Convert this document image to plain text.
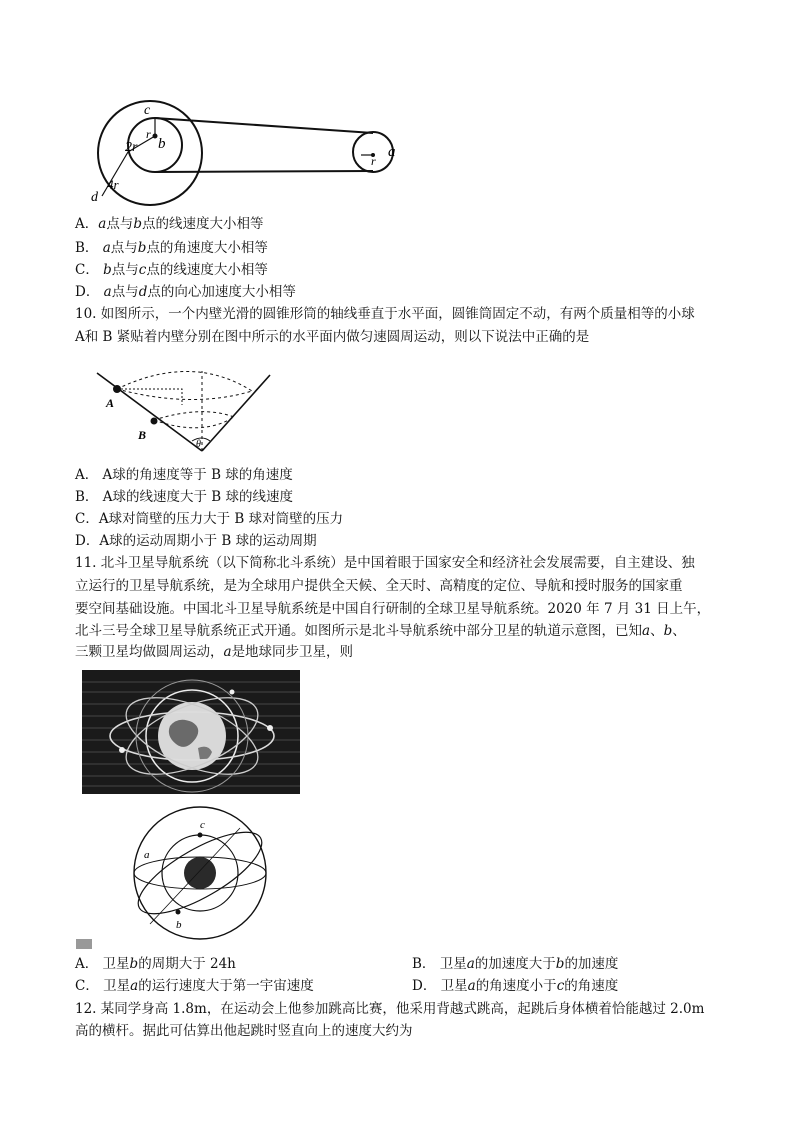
c
r
2r b	a
r
4r
d
A．a点与b点的线速度大小相等
B． a点与b点的角速度大小相等
C． b点与c点的线速度大小相等
D． a点与d点的向心加速度大小相等
10. 如图所示，一个内壁光滑的圆锥形筒的轴线垂直于水平面，圆锥筒固定不动，有两个质量相等的小球
A和 B 紧贴着内壁分别在图中所示的水平面内做匀速圆周运动，则以下说法中正确的是
A
B
θ
A． A球的角速度等于 B 球的角速度
B． A球的线速度大于 B 球的线速度
C．A球对筒壁的压力大于 B 球对筒壁的压力
D．A球的运动周期小于 B 球的运动周期
11. 北斗卫星导航系统（以下简称北斗系统）是中国着眼于国家安全和经济社会发展需要，自主建设、独
立运行的卫星导航系统，是为全球用户提供全天候、全天时、高精度的定位、导航和授时服务的国家重
要空间基础设施。中国北斗卫星导航系统是中国自行研制的全球卫星导航系统。2020 年 7 月 31 日上午，
北斗三号全球卫星导航系统正式开通。如图所示是北斗导航系统中部分卫星的轨道示意图，已知a、b、
三颗卫星均做圆周运动，a是地球同步卫星，则
c
a
b
A． 卫星b的周期大于 24h	B． 卫星a的加速度大于b的加速度
C． 卫星a的运行速度大于第一宇宙速度	D． 卫星a的角速度小于c的角速度
12. 某同学身高 1.8m，在运动会上他参加跳高比赛，他采用背越式跳高，起跳后身体横着恰能越过 2.0m
高的横杆。据此可估算出他起跳时竖直向上的速度大约为
